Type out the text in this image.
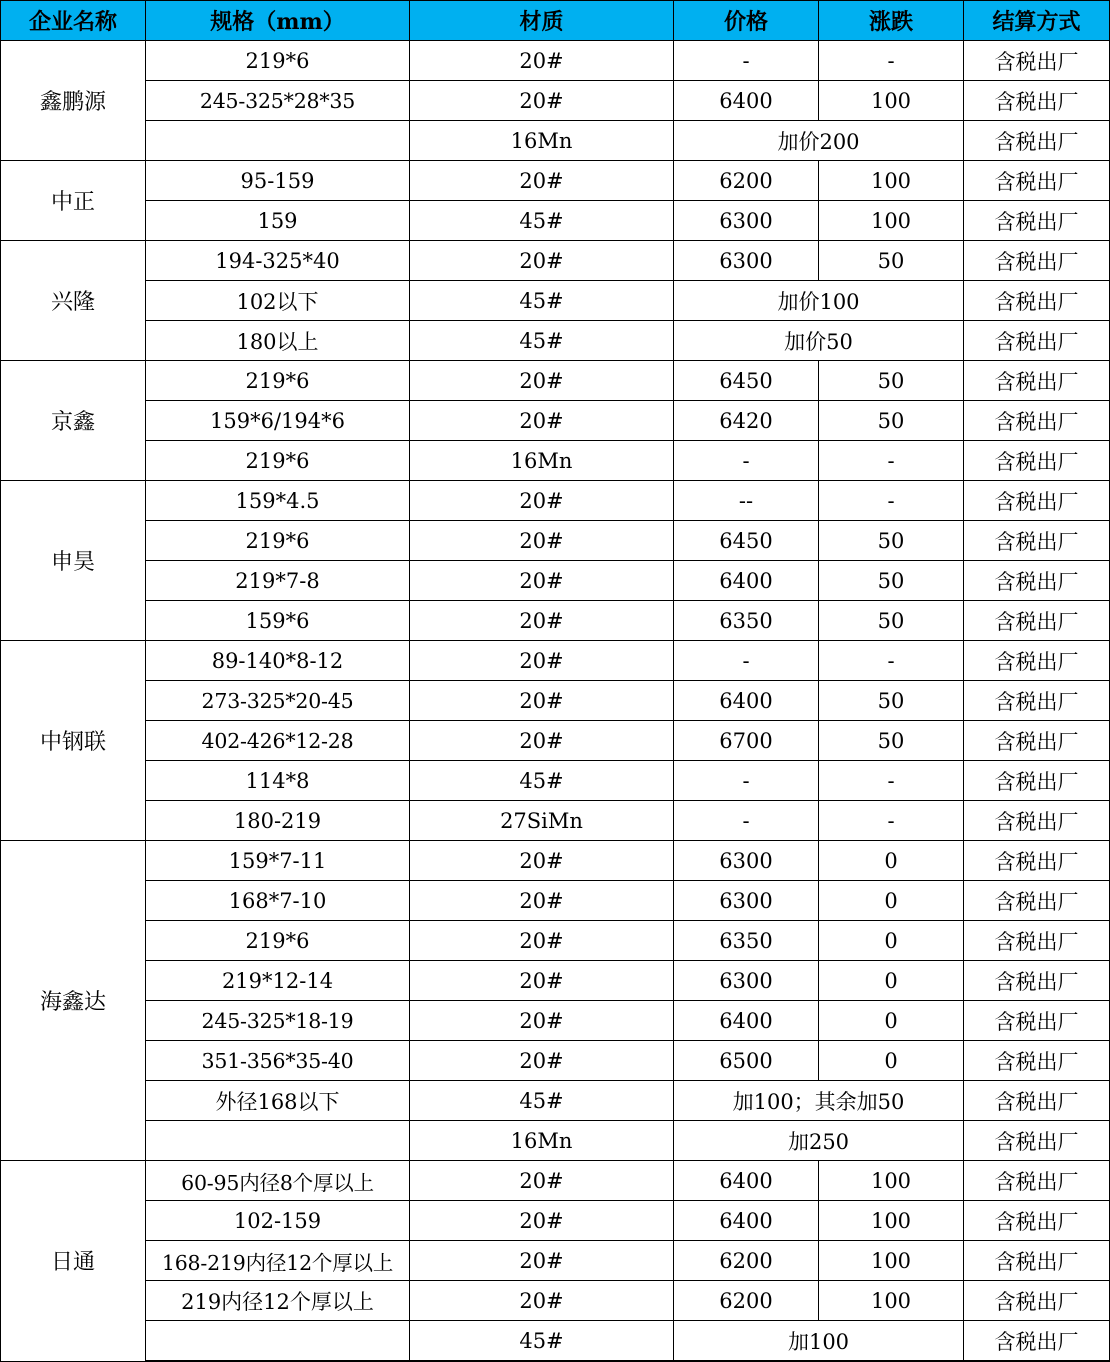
企业名称	规格（mm）	材质	价格	涨跌	结算方式
鑫鹏源	219*6	20#	-	-	含税出厂
	245-325*28*35	20#	6400	100	含税出厂
		16Mn	加价200		含税出厂
中正	95-159	20#	6200	100	含税出厂
	159	45#	6300	100	含税出厂
兴隆	194-325*40	20#	6300	50	含税出厂
	102以下	45#	加价100		含税出厂
	180以上	45#	加价50		含税出厂
京鑫	219*6	20#	6450	50	含税出厂
	159*6/194*6	20#	6420	50	含税出厂
	219*6	16Mn	-	-	含税出厂
申昊	159*4.5	20#	--	-	含税出厂
	219*6	20#	6450	50	含税出厂
	219*7-8	20#	6400	50	含税出厂
	159*6	20#	6350	50	含税出厂
中钢联	89-140*8-12	20#	-	-	含税出厂
	273-325*20-45	20#	6400	50	含税出厂
	402-426*12-28	20#	6700	50	含税出厂
	114*8	45#	-	-	含税出厂
	180-219	27SiMn	-	-	含税出厂
海鑫达	159*7-11	20#	6300	0	含税出厂
	168*7-10	20#	6300	0	含税出厂
	219*6	20#	6350	0	含税出厂
	219*12-14	20#	6300	0	含税出厂
	245-325*18-19	20#	6400	0	含税出厂
	351-356*35-40	20#	6500	0	含税出厂
	外径168以下	45#	加100；其余加50		含税出厂
		16Mn	加250		含税出厂
日通	60-95内径8个厚以上	20#	6400	100	含税出厂
	102-159	20#	6400	100	含税出厂
	168-219内径12个厚以上	20#	6200	100	含税出厂
	219内径12个厚以上	20#	6200	100	含税出厂
		45#	加100		含税出厂
